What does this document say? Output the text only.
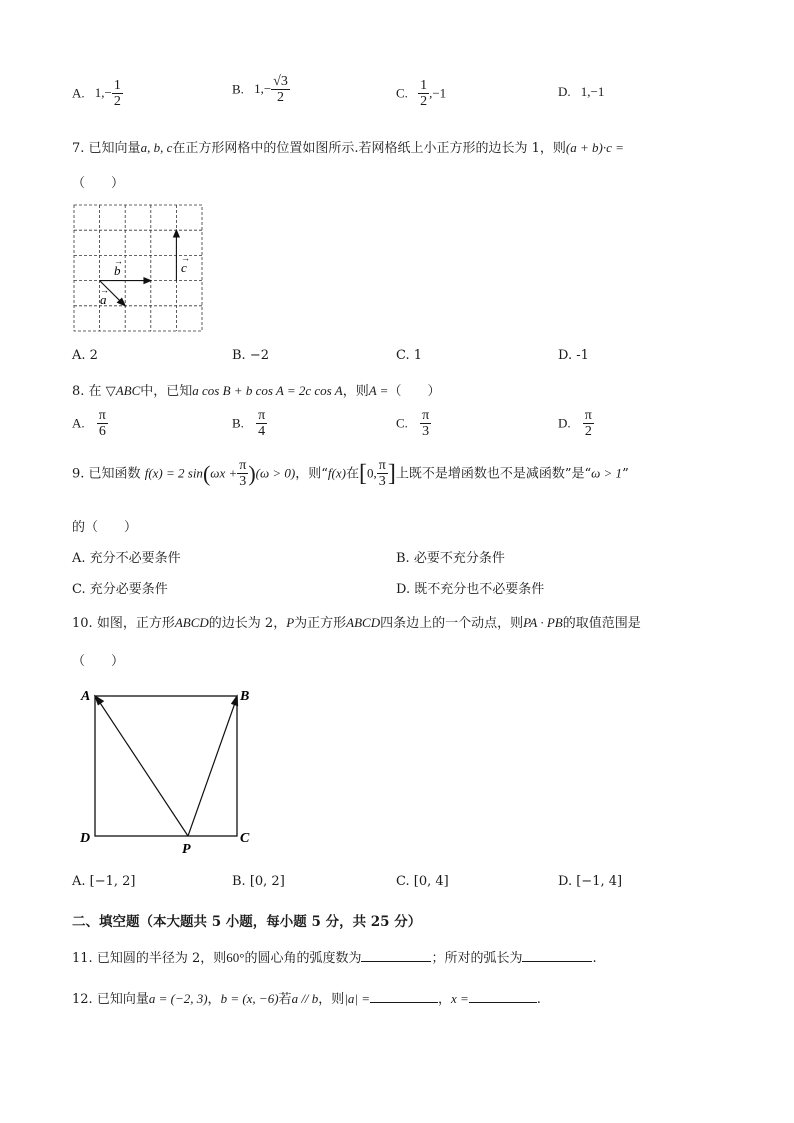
A. $1,- \frac{1}{2}$	B. $1,- \frac{√3}{2}$	C. $\frac{1}{2} ,-1$	D. 1,−1
7. 已知向量a, b, c在正方形网格中的位置如图所示.若网格纸上小正方形的边长为 1，则(a + b)·c =
（　　）
b
→
a
→
c
→
A. 2	B. −2	C. 1	D. -1
8. 在 ▽ABC中，已知a cos B + b cos A = 2c cos A，则A =（　　）
A. $\frac{\pi}{6}$	B. $\frac{\pi}{4}$	C. $\frac{\pi}{3}$	D. $\frac{\pi}{2}$
9. 已知函数 f(x) = 2 $\sin(\omega x + \frac{\pi}{3} )(\omega > 0)$，则“f(x)在[0, $\frac{\pi}{3}$ ]上既不是增函数也不是减函数”是“ω > 1”
的（　　）
A. 充分不必要条件	B. 必要不充分条件
C. 充分必要条件	D. 既不充分也不必要条件
10. 如图，正方形ABCD的边长为 2，P为正方形ABCD四条边上的一个动点，则PA · PB的取值范围是
（　　）
A	B
D	C
P
A. [−1, 2]	B. [0, 2]	C. [0, 4]	D. [−1, 4]
二、填空题（本大题共 5 小题，每小题 5 分，共 25 分）
11. 已知圆的半径为 2，则60°的圆心角的弧度数为	；所对的弧长为	.
12. 已知向量a = (−2, 3)，b = (x, −6)若a // b，则|a| =	，x =	.
